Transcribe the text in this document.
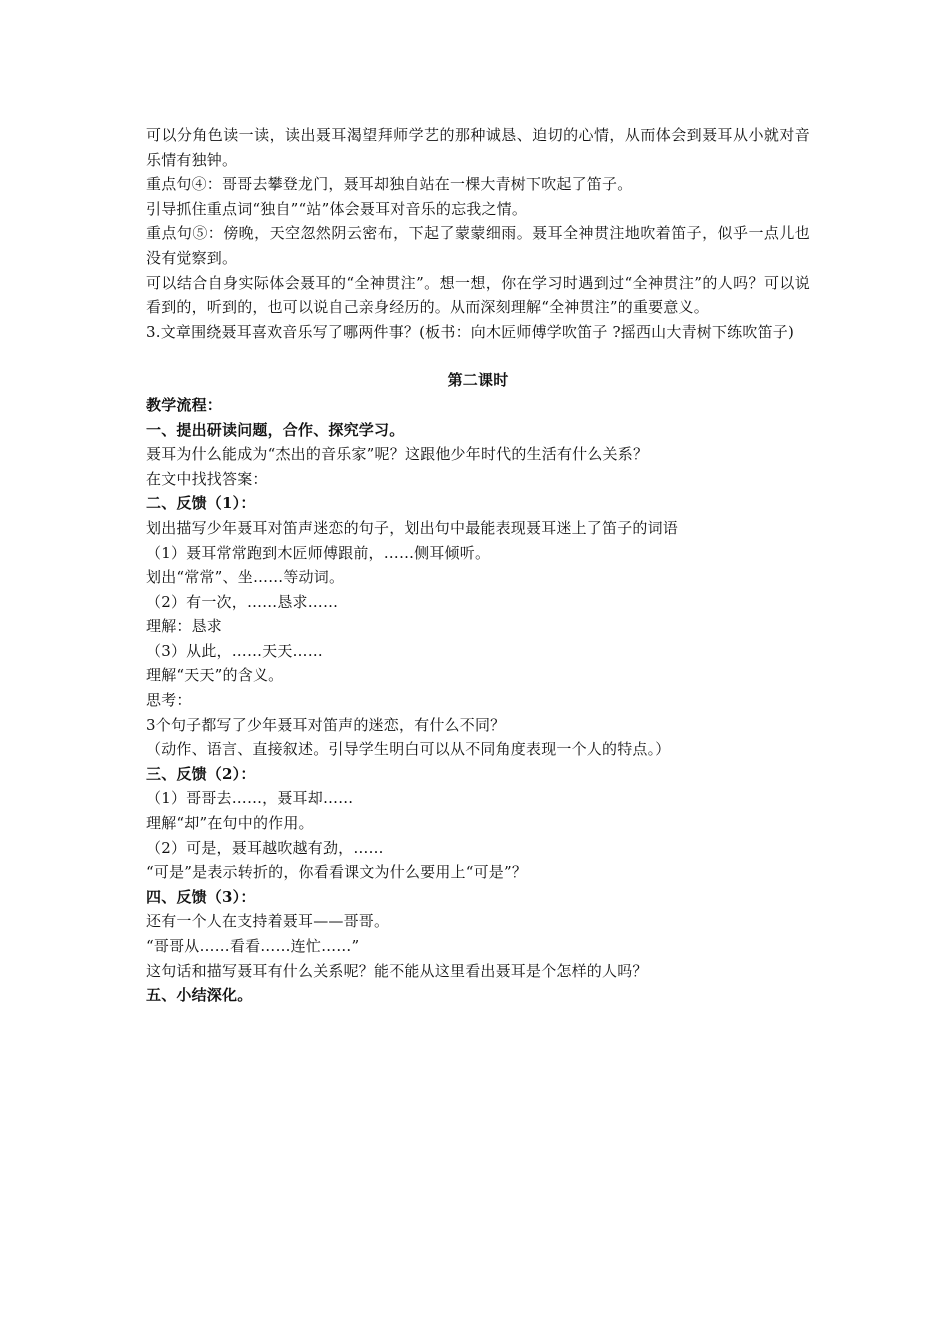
可以分角色读一读，读出聂耳渴望拜师学艺的那种诚恳、迫切的心情，从而体会到聂耳从小就对音乐情有独钟。
重点句④：哥哥去攀登龙门，聂耳却独自站在一棵大青树下吹起了笛子。
引导抓住重点词“独自”“站”体会聂耳对音乐的忘我之情。
重点句⑤：傍晚，天空忽然阴云密布，下起了蒙蒙细雨。聂耳全神贯注地吹着笛子，似乎一点儿也没有觉察到。
可以结合自身实际体会聂耳的“全神贯注”。想一想，你在学习时遇到过“全神贯注”的人吗？可以说看到的，听到的，也可以说自己亲身经历的。从而深刻理解“全神贯注”的重要意义。
3.文章围绕聂耳喜欢音乐写了哪两件事？(板书：向木匠师傅学吹笛子 ?摇西山大青树下练吹笛子)
第二课时
教学流程：
一、提出研读问题，合作、探究学习。
聂耳为什么能成为“杰出的音乐家”呢？这跟他少年时代的生活有什么关系？
在文中找找答案：
二、反馈（1）：
划出描写少年聂耳对笛声迷恋的句子，划出句中最能表现聂耳迷上了笛子的词语
（1）聂耳常常跑到木匠师傅跟前，……侧耳倾听。
划出“常常”、坐……等动词。
（2）有一次，……恳求……
理解：恳求
（3）从此，……天天……
理解“天天”的含义。
思考：
3个句子都写了少年聂耳对笛声的迷恋，有什么不同？
（动作、语言、直接叙述。引导学生明白可以从不同角度表现一个人的特点。）
三、反馈（2）：
（1）哥哥去……，聂耳却……
理解“却”在句中的作用。
（2）可是，聂耳越吹越有劲，……
“可是”是表示转折的，你看看课文为什么要用上“可是”？
四、反馈（3）：
还有一个人在支持着聂耳——哥哥。
“哥哥从……看看……连忙……”
这句话和描写聂耳有什么关系呢？能不能从这里看出聂耳是个怎样的人吗？
五、小结深化。
